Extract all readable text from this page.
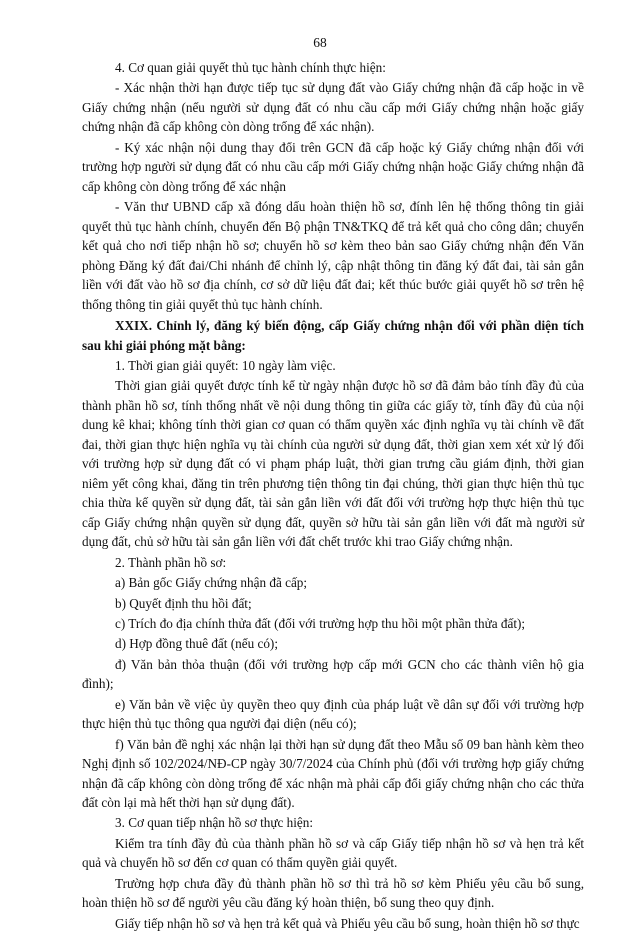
68

4. Cơ quan giải quyết thủ tục hành chính thực hiện:

- Xác nhận thời hạn được tiếp tục sử dụng đất vào Giấy chứng nhận đã cấp hoặc in về Giấy chứng nhận (nếu người sử dụng đất có nhu cầu cấp mới Giấy chứng nhận hoặc giấy chứng nhận đã cấp không còn dòng trống để xác nhận).

- Ký xác nhận nội dung thay đổi trên GCN đã cấp hoặc ký Giấy chứng nhận đối với trường hợp người sử dụng đất có nhu cầu cấp mới Giấy chứng nhận hoặc Giấy chứng nhận đã cấp không còn dòng trống để xác nhận

- Văn thư UBND cấp xã đóng dấu hoàn thiện hồ sơ, đính lên hệ thống thông tin giải quyết thủ tục hành chính, chuyển đến Bộ phận TN&TKQ để trả kết quả cho công dân; chuyển kết quả cho nơi tiếp nhận hồ sơ; chuyển hồ sơ kèm theo bản sao Giấy chứng nhận đến Văn phòng Đăng ký đất đai/Chi nhánh để chỉnh lý, cập nhật thông tin đăng ký đất đai, tài sản gắn liền với đất vào hồ sơ địa chính, cơ sở dữ liệu đất đai; kết thúc bước giải quyết hồ sơ trên hệ thống thông tin giải quyết thủ tục hành chính.

XXIX. Chỉnh lý, đăng ký biến động, cấp Giấy chứng nhận đối với phần diện tích sau khi giải phóng mặt bằng:

1. Thời gian giải quyết: 10 ngày làm việc.

Thời gian giải quyết được tính kể từ ngày nhận được hồ sơ đã đảm bảo tính đầy đủ của thành phần hồ sơ, tính thống nhất về nội dung thông tin giữa các giấy tờ, tính đầy đủ của nội dung kê khai; không tính thời gian cơ quan có thẩm quyền xác định nghĩa vụ tài chính về đất đai, thời gian thực hiện nghĩa vụ tài chính của người sử dụng đất, thời gian xem xét xử lý đối với trường hợp sử dụng đất có vi phạm pháp luật, thời gian trưng cầu giám định, thời gian niêm yết công khai, đăng tin trên phương tiện thông tin đại chúng, thời gian thực hiện thủ tục chia thừa kế quyền sử dụng đất, tài sản gắn liền với đất đối với trường hợp thực hiện thủ tục cấp Giấy chứng nhận quyền sử dụng đất, quyền sở hữu tài sản gắn liền với đất mà người sử dụng đất, chủ sở hữu tài sản gắn liền với đất chết trước khi trao Giấy chứng nhận.

2. Thành phần hồ sơ:

a) Bản gốc Giấy chứng nhận đã cấp;

b) Quyết định thu hồi đất;

c) Trích đo địa chính thửa đất (đối với trường hợp thu hồi một phần thửa đất);

d) Hợp đồng thuê đất (nếu có);

đ) Văn bản thỏa thuận (đối với trường hợp cấp mới GCN cho các thành viên hộ gia đình);

e) Văn bản về việc ủy quyền theo quy định của pháp luật về dân sự đối với trường hợp thực hiện thủ tục thông qua người đại diện (nếu có);

f) Văn bản đề nghị xác nhận lại thời hạn sử dụng đất theo Mẫu số 09 ban hành kèm theo Nghị định số 102/2024/NĐ-CP ngày 30/7/2024 của Chính phủ (đối với trường hợp giấy chứng nhận đã cấp không còn dòng trống để xác nhận mà phải cấp đổi giấy chứng nhận cho các thửa đất còn lại mà hết thời hạn sử dụng đất).

3. Cơ quan tiếp nhận hồ sơ thực hiện:

Kiểm tra tính đầy đủ của thành phần hồ sơ và cấp Giấy tiếp nhận hồ sơ và hẹn trả kết quả và chuyển hồ sơ đến cơ quan có thẩm quyền giải quyết.

Trường hợp chưa đầy đủ thành phần hồ sơ thì trả hồ sơ kèm Phiếu yêu cầu bổ sung, hoàn thiện hồ sơ để người yêu cầu đăng ký hoàn thiện, bổ sung theo quy định.

Giấy tiếp nhận hồ sơ và hẹn trả kết quả và Phiếu yêu cầu bổ sung, hoàn thiện hồ sơ thực
